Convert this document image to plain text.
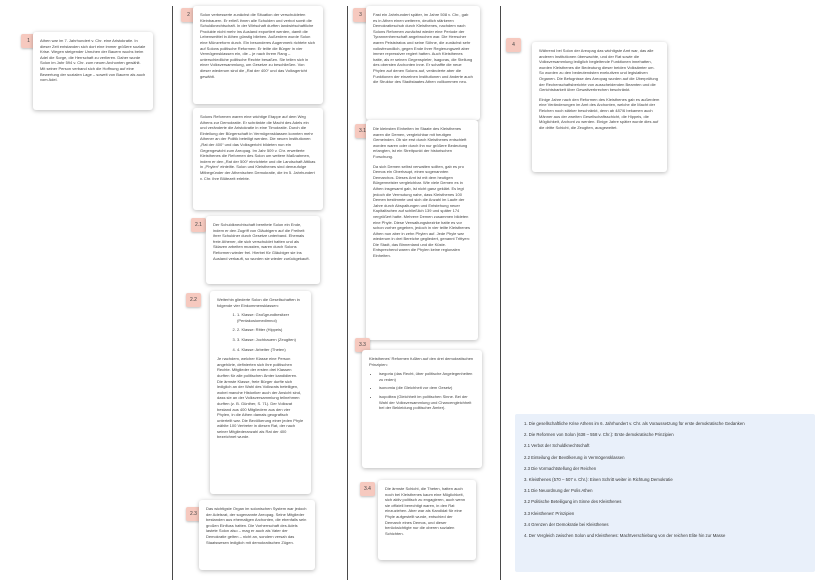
1	Athen war im 7. Jahrhundert v. Chr. eine Aristokratie. In dieser Zeit entstanden sich dort eine immer größere soziale Krise. Wegen steigender Unruhen der Bauern wuchs beim Adel die Sorge, die Herrschaft zu verlieren. Daher wurde Solon im Jahr 594 v. Chr. zum neuen Archonten gewählt. Mit seiner Person verband sich die Hoffnung auf eine Bewertung der sozialen Lage – soweit von Bauern als auch vom Adel.

2	Solon verbesserte zunächst die Situation der verschuldeten Kleinbauern. Er erließ ihnen alle Schulden und verbot somit die Schuldknechtschaft. In der Wirtschaft durften landwirtschaftliche Produkte nicht mehr ins Ausland exportiert werden, damit die Lebensmittel in Athen günstig blieben. Außerdem wurde Solon eine Münzreform durch. Ein besonderes Augenmerk richtete sich auf Solons politische Reformen: Er teilte die Bürger in vier Vermögensklassen ein, die – je nach ihrem Rang – unterschiedliche politische Rechte besaßen. Sie teilen sich in einer Volksversammlung, um Gesetze zu beschließen. Von dieser wiederum sind die „Rat der 400“ und das Volksgericht gewählt.

Solons Reformen waren eine wichtige Etappe auf dem Weg Athens zur Demokratie. Er schränkte die Macht des Adels ein und veränderte die Aristokratie in eine Timokratie. Durch die Einteilung der Bürgerschaft in Vermögensklassen konnten mehr Athener an der Politik beteiligt werden. Die neuen Institutionen „Rat der 400“ und das Volksgericht bildeten nun ein Gegengewicht zum Areopag. Im Jahr 509 v. Chr. erweiterte Kleisthenes die Reformen des Solon um weitere Maßnahmen, indem er den „Rat der 500“ einrichtete und die Landschaft Attikas in „Phylen“ einteilte. Solon und Kleisthenes sind demzufolge Mitbegründer der Athenischen Demokratie, die im 5. Jahrhundert v. Chr. ihre Blütezeit erlebte.

2.1	Der Schuldknechtschaft bereitete Solon ein Ende, indem er den Zugriff von Gläubigern auf die Freiheit ihrer Schuldner durch Gesetze unterband. Ehemals freie Athener, die sich verschuldet hatten und als Sklaven arbeiten mussten, waren durch Solons Reformen wieder frei. Hierbei für Gläubiger sie ins Ausland verkauft, so wurden sie wieder zurückgekauft.

2.2	Weiterhin gliederte Solon die Gesellschaften in folgende vier Einkommensklassen:

1. 1. Klasse: Großgrundbesitzer (Pentakosiomedimnoi)
2. 2. Klasse: Ritter (Hippeis)
3. 3. Klasse: Jochbauern (Zeugiten)
4. 4. Klasse: Arbeiter (Theten)

Je nachdem, welcher Klasse eine Person angehörte, definierten sich ihre politischen Rechte. Mitglieder der ersten drei Klassen durften für alle politischen Ämter kandidieren. Die ärmste Klasse, freie Bürger durfte sich lediglich an der Wahl des Volksrats beteiligen, wobei manche Historiker auch der Ansicht sind, dass sie an der Volksversammlung teilnehmen durften (z. B. Günther, S. 71). Der Volksrat bestand aus 400 Mitgliedern aus den vier Phylen, in die Athen damals geografisch unterteilt war. Die Bevölkerung einer jeden Phyle wählte 100 Vertreter in diesen Rat, der nach seiner Mitgliederanzahl als Rat der 400 bezeichnet wurde.

2.3

Das wichtigste Organ im solonischen System war jedoch der Adelsrat, der sogenannte Areopag. Seine Mitglieder bestanden aus ehemaligen Archonten, die ebenfalls sein großen Einfluss hatten. Die Vorherrschaft des Adels lastete Solon also – mag er auch als Vater der Demokratie gelten – nicht an, sondern versah das Staatswesen lediglich mit demokratischen Zügen.

3	Fast ein Jahrhundert später, im Jahre 508 v. Chr., gab es in Athen einen weiteren, deutlich stärkeren Demokratieschub durch Kleisthenes, nachdem nach Solons Reformen zunächst wieder eine Periode der Tyrannenherrschaft angebrochen war. Die Herrscher waren Peisistratos und seine Söhne, die zunächst sehr volksfreundlich, gegen Ende ihrer Regierungszeit aber immer repressiver regiert hatten. Auch Kleisthenes hatte, als er seinen Gegenspieler, Isagoras, die Stellung des obersten Archonten inne. Er schaffte die neue Phylen auf denen Solons auf, veränderte aber die Funktionen der einzelnen Institutionen und änderte auch die Struktur des Stadtstaates Athen vollkommen neu.

3.1	Die kleinsten Einheiten im Staate des Kleisthenes waren die Demen, vergleichbar mit heutigen Gemeinden. Ob sie erst durch Kleisthenes entschieft worden waren oder durch ihn nur größere Bedeutung erlangten, ist ein Streitpunkt der historischen Forschung.

Da sich Demen selbst verwalten sollten, gab es pro Demos ein Oberhaupt, einen sogenannten Demarchos. Dieses Amt ist mit dem heutigen Bürgermeister vergleichbar. Wie viele Demen es in Athen insgesamt gab, ist nicht ganz geklärt. Es legt jedoch die Vermutung nahe, dass Kleisthenes 100 Demen bestimmte und sich die Anzahl im Laufe der Jahre durch Abspaltungen und Entstehung neuer Kapitalfachen auf schließlich 139 und später 174 vergrößert hatte. Mehrere Demen zusammen bildeten eine Phyle. Diese Verwaltungsbezirke hatte es vor schon vorher gegeben, jedoch in vier teilte Kleisthenes Athen nun aber in zehn Phylen auf. Jede Phyle war wiederum in drei Bereiche gegliedert, genannt Trittyen: Die Stadt, das Binnenland und die Küste. Entsprechend waren die Phylen keine regionalen Einheiten.

3.3

Kleisthenes' Reformen fußten auf den drei demokratischen Prinzipien:

• isegoria (das Recht, über politische Angelegenheiten zu reden)
• isonomia (die Gleichheit vor dem Gesetz)
• isopolitea (Gleichheit im politischen Sinne. Bei der Wahl der Volksversammlung und Chancengleichheit bei der Bekleidung politischer Ämter).
3.4	Die ärmste Schicht, die Theten, hatten auch noch bei Kleisthenes kaum eine Möglichkeit, sich aktiv politisch zu engagieren, auch wenn sie offiziell berechtigt waren, in den Rat einzuziehen. Aber war als Kandidat für eine Phyle aufgestellt wurde, entschied der Demarch eines Demos, und dieser berücksichtigte nur die oberen sozialen Schichten.

4

Während bei Solon der Areopag das wichtigste Amt war, das alle anderen Institutionen überwachte, und der Rat sowie die Volksversammlung lediglich begleitende Funktionen innehatten, wurden Kleisthenes die Bedeutung dieser beiden Volksämter um. So wurden zu den bedeutendsten exekutiven und legislativen Organen. Die Befugnisse des Areopag wurden auf die Überprüfung der Rechenschaftsberichte von ausscheidenden Beamten und die Gerichtsbarkeit über Gewaltverbrechen beschränkt.

Einige Jahre nach den Reformen des Kleisthenes gab es außerdem eine Veränderungen im Amt des Archonten, welche die Macht der Reichen noch stärker beschränkt, denn ab 487/6 bekamen auch Männer aus der zweiten Gesellschaftsschicht, die Hippeis, die Möglichkeit, Archont zu werden. Einige Jahre später wurde dies auf die dritte Schicht, die Zeugiten, ausgeweitet.

1. Die gesellschaftliche Krise Athens im 6. Jahrhundert v. Chr. als Voraussetzung für erste demokratische Gedanken
2. Die Reformen von Solon (638 – 558 v. Chr.): Erste demokratische Prinzipien
2.1 Verbot der Schuldknechtschaft
2.2 Einteilung der Bevölkerung in Vermögensklassen
2.3 Die Vormachtstellung der Reichen
3. Kleisthenes (570 – 507 v. Chr.): Einen Schritt weiter in Richtung Demokratie
3.1 Die Neuordnung der Polis Athen
3.2 Politische Beteiligung im Sinne des Kleisthenes
3.3 Kleisthenes' Prinzipien
3.4 Grenzen der Demokratie bei Kleisthenes
4. Der Vergleich zwischen Solon und Kleisthenes: Machtverschiebung von der reichen Elite hin zur Masse
